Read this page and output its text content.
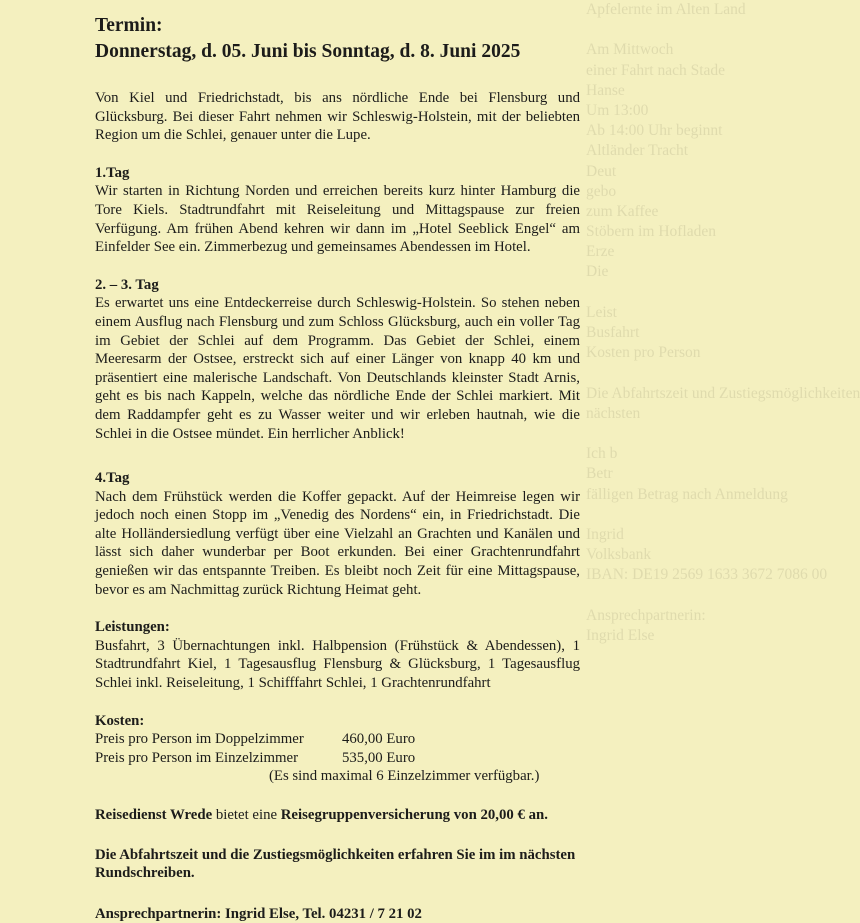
Apfelernte im Alten Land
Am Mittwoch
einer Fahrt nach Stade
Hanse
Um 13:00
Ab 14:00 Uhr beginnt
Altländer Tracht
Deut
gebo
zum Kaffee
Stöbern im Hofladen
Erze
Die
Leist
Busfahrt
Kosten pro Person
Die Abfahrtszeit und Zustiegsmöglichkeiten
nächsten
Ich b
Betr
fälligen Betrag nach Anmeldung
Ingrid
Volksbank
IBAN: DE19 2569 1633 3672 7086 00
Ansprechpartnerin:
Ingrid Else
Termin:
Donnerstag, d. 05. Juni bis Sonntag, d. 8. Juni 2025

Von Kiel und Friedrichstadt, bis ans nördliche Ende bei Flensburg und Glücksburg. Bei dieser Fahrt nehmen wir Schleswig-Holstein, mit der beliebten Region um die Schlei, genauer unter die Lupe.

1.Tag

Wir starten in Richtung Norden und erreichen bereits kurz hinter Hamburg die Tore Kiels. Stadtrundfahrt mit Reiseleitung und Mittagspause zur freien Verfügung. Am frühen Abend kehren wir dann im „Hotel Seeblick Engel“ am Einfelder See ein. Zimmerbezug und gemeinsames Abendessen im Hotel.

2. – 3. Tag

Es erwartet uns eine Entdeckerreise durch Schleswig-Holstein. So stehen neben einem Ausflug nach Flensburg und zum Schloss Glücksburg, auch ein voller Tag im Gebiet der Schlei auf dem Programm. Das Gebiet der Schlei, einem Meeresarm der Ostsee, erstreckt sich auf einer Länger von knapp 40 km und präsentiert eine malerische Landschaft. Von Deutschlands kleinster Stadt Arnis, geht es bis nach Kappeln, welche das nördliche Ende der Schlei markiert. Mit dem Raddampfer geht es zu Wasser weiter und wir erleben hautnah, wie die Schlei in die Ostsee mündet. Ein herrlicher Anblick!

4.Tag

Nach dem Frühstück werden die Koffer gepackt. Auf der Heimreise legen wir jedoch noch einen Stopp im „Venedig des Nordens“ ein, in Friedrichstadt. Die alte Holländersiedlung verfügt über eine Vielzahl an Grachten und Kanälen und lässt sich daher wunderbar per Boot erkunden. Bei einer Grachtenrundfahrt genießen wir das entspannte Treiben. Es bleibt noch Zeit für eine Mittagspause, bevor es am Nachmittag zurück Richtung Heimat geht.

Leistungen:

Busfahrt, 3 Übernachtungen inkl. Halbpension (Frühstück & Abendessen), 1 Stadtrundfahrt Kiel, 1 Tagesausflug Flensburg & Glücksburg, 1 Tagesausflug Schlei inkl. Reiseleitung, 1 Schifffahrt Schlei, 1 Grachtenrundfahrt

Kosten:
Preis pro Person im Doppelzimmer	460,00 Euro
Preis pro Person im Einzelzimmer	535,00 Euro
(Es sind maximal 6 Einzelzimmer verfügbar.)

Reisedienst Wrede bietet eine Reisegruppenversicherung von 20,00 € an.

Die Abfahrtszeit und die Zustiegsmöglichkeiten erfahren Sie im im nächsten Rundschreiben.

Ansprechpartnerin: Ingrid Else, Tel. 04231 / 7 21 02
